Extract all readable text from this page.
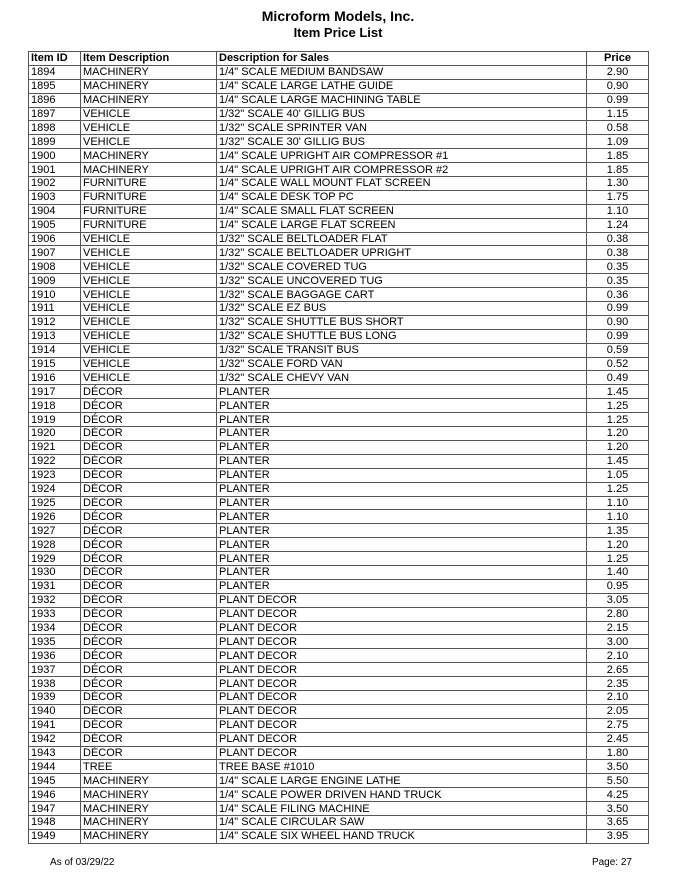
Microform Models, Inc.
Item Price List
Item ID	Item Description	Description for Sales	Price
1894	MACHINERY	1/4" SCALE MEDIUM BANDSAW	2.90
1895	MACHINERY	1/4" SCALE LARGE LATHE GUIDE	0.90
1896	MACHINERY	1/4" SCALE LARGE MACHINING TABLE	0.99
1897	VEHICLE	1/32" SCALE 40' GILLIG BUS	1.15
1898	VEHICLE	1/32" SCALE SPRINTER VAN	0.58
1899	VEHICLE	1/32" SCALE 30' GILLIG BUS	1.09
1900	MACHINERY	1/4" SCALE UPRIGHT AIR COMPRESSOR #1	1.85
1901	MACHINERY	1/4" SCALE UPRIGHT AIR COMPRESSOR #2	1.85
1902	FURNITURE	1/4" SCALE WALL MOUNT FLAT SCREEN	1.30
1903	FURNITURE	1/4" SCALE DESK TOP PC	1.75
1904	FURNITURE	1/4" SCALE SMALL FLAT SCREEN	1.10
1905	FURNITURE	1/4" SCALE LARGE FLAT SCREEN	1.24
1906	VEHICLE	1/32" SCALE BELTLOADER FLAT	0.38
1907	VEHICLE	1/32" SCALE BELTLOADER UPRIGHT	0.38
1908	VEHICLE	1/32" SCALE COVERED TUG	0.35
1909	VEHICLE	1/32" SCALE UNCOVERED TUG	0.35
1910	VEHICLE	1/32" SCALE BAGGAGE CART	0.36
1911	VEHICLE	1/32" SCALE EZ BUS	0.99
1912	VEHICLE	1/32" SCALE SHUTTLE BUS SHORT	0.90
1913	VEHICLE	1/32" SCALE SHUTTLE BUS LONG	0.99
1914	VEHICLE	1/32" SCALE TRANSIT BUS	0.59
1915	VEHICLE	1/32" SCALE FORD VAN	0.52
1916	VEHICLE	1/32" SCALE CHEVY VAN	0.49
1917	DÉCOR	PLANTER	1.45
1918	DÉCOR	PLANTER	1.25
1919	DÉCOR	PLANTER	1.25
1920	DÉCOR	PLANTER	1.20
1921	DÉCOR	PLANTER	1.20
1922	DÉCOR	PLANTER	1.45
1923	DÉCOR	PLANTER	1.05
1924	DÉCOR	PLANTER	1.25
1925	DÉCOR	PLANTER	1.10
1926	DÉCOR	PLANTER	1.10
1927	DÉCOR	PLANTER	1.35
1928	DÉCOR	PLANTER	1.20
1929	DÉCOR	PLANTER	1.25
1930	DÉCOR	PLANTER	1.40
1931	DÉCOR	PLANTER	0.95
1932	DÉCOR	PLANT DECOR	3.05
1933	DÉCOR	PLANT DECOR	2.80
1934	DÉCOR	PLANT DECOR	2.15
1935	DÉCOR	PLANT DECOR	3.00
1936	DÉCOR	PLANT DECOR	2.10
1937	DÉCOR	PLANT DECOR	2.65
1938	DÉCOR	PLANT DECOR	2.35
1939	DÉCOR	PLANT DECOR	2.10
1940	DÉCOR	PLANT DECOR	2.05
1941	DÉCOR	PLANT DECOR	2.75
1942	DÉCOR	PLANT DECOR	2.45
1943	DÉCOR	PLANT DECOR	1.80
1944	TREE	TREE BASE #1010	3.50
1945	MACHINERY	1/4" SCALE LARGE ENGINE LATHE	5.50
1946	MACHINERY	1/4" SCALE POWER DRIVEN HAND TRUCK	4.25
1947	MACHINERY	1/4" SCALE FILING MACHINE	3.50
1948	MACHINERY	1/4" SCALE CIRCULAR SAW	3.65
1949	MACHINERY	1/4" SCALE SIX WHEEL HAND TRUCK	3.95
As of 03/29/22	Page: 27
